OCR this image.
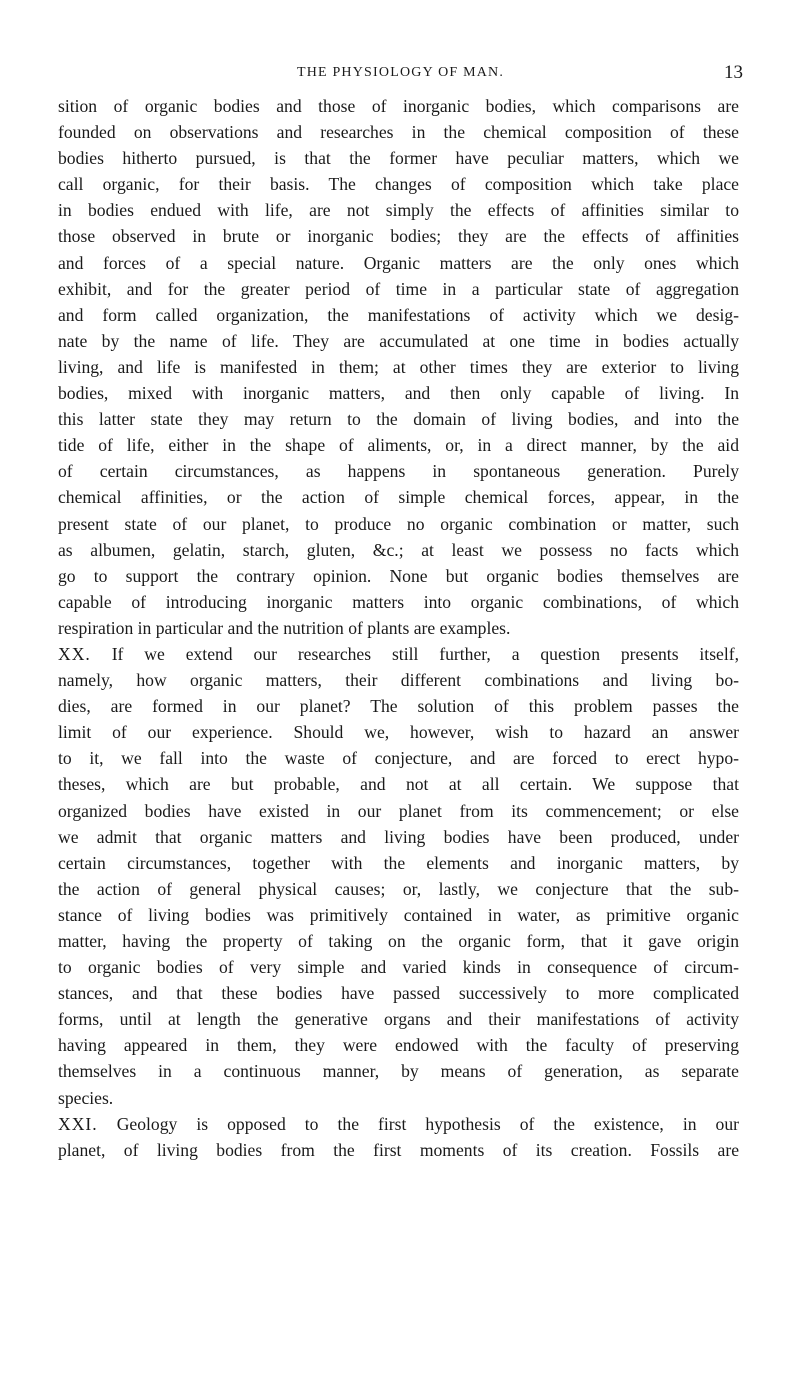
THE PHYSIOLOGY OF MAN.	13
sition of organic bodies and those of inorganic bodies, which comparisons are
founded on observations and researches in the chemical composition of these
bodies hitherto pursued, is that the former have peculiar matters, which we
call organic, for their basis. The changes of composition which take place
in bodies endued with life, are not simply the effects of affinities similar to
those observed in brute or inorganic bodies; they are the effects of affinities
and forces of a special nature. Organic matters are the only ones which
exhibit, and for the greater period of time in a particular state of aggregation
and form called organization, the manifestations of activity which we desig-
nate by the name of life. They are accumulated at one time in bodies actually
living, and life is manifested in them; at other times they are exterior to living
bodies, mixed with inorganic matters, and then only capable of living. In
this latter state they may return to the domain of living bodies, and into the
tide of life, either in the shape of aliments, or, in a direct manner, by the aid
of certain circumstances, as happens in spontaneous generation. Purely
chemical affinities, or the action of simple chemical forces, appear, in the
present state of our planet, to produce no organic combination or matter, such
as albumen, gelatin, starch, gluten, &c.; at least we possess no facts which
go to support the contrary opinion. None but organic bodies themselves are
capable of introducing inorganic matters into organic combinations, of which
respiration in particular and the nutrition of plants are examples.
XX. If we extend our researches still further, a question presents itself,
namely, how organic matters, their different combinations and living bo-
dies, are formed in our planet? The solution of this problem passes the
limit of our experience. Should we, however, wish to hazard an answer
to it, we fall into the waste of conjecture, and are forced to erect hypo-
theses, which are but probable, and not at all certain. We suppose that
organized bodies have existed in our planet from its commencement; or else
we admit that organic matters and living bodies have been produced, under
certain circumstances, together with the elements and inorganic matters, by
the action of general physical causes; or, lastly, we conjecture that the sub-
stance of living bodies was primitively contained in water, as primitive organic
matter, having the property of taking on the organic form, that it gave origin
to organic bodies of very simple and varied kinds in consequence of circum-
stances, and that these bodies have passed successively to more complicated
forms, until at length the generative organs and their manifestations of activity
having appeared in them, they were endowed with the faculty of preserving
themselves in a continuous manner, by means of generation, as separate
species.
XXI. Geology is opposed to the first hypothesis of the existence, in our
planet, of living bodies from the first moments of its creation. Fossils are
